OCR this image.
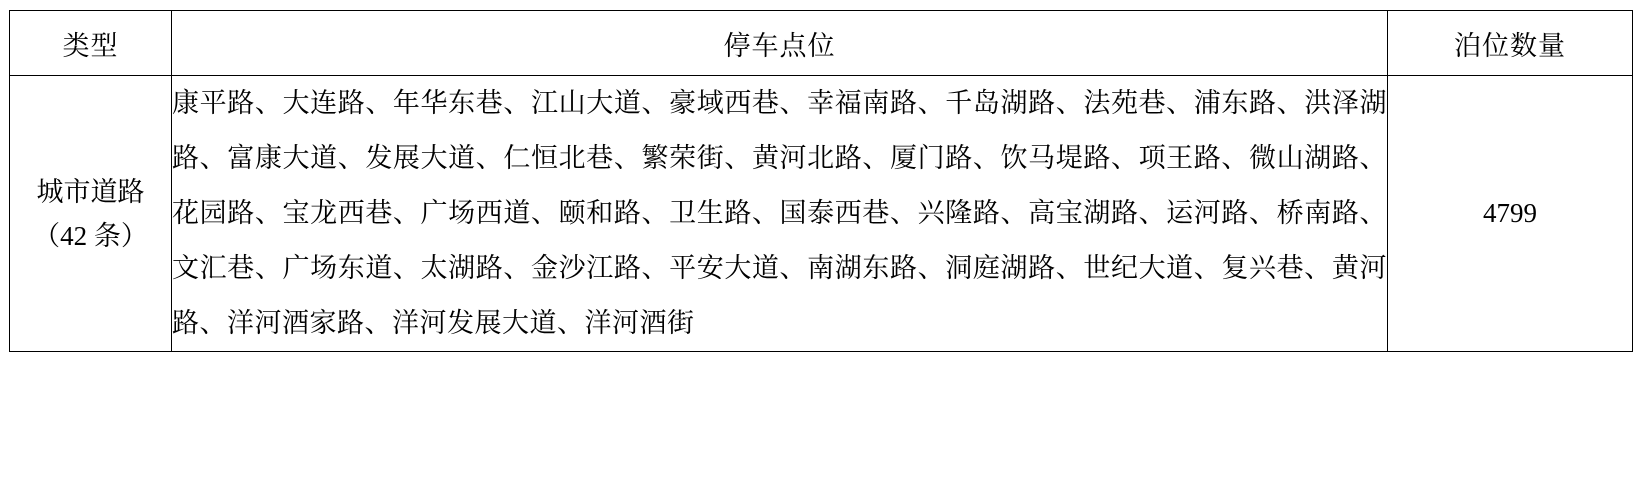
类型	停车点位	泊位数量

城市道路
（42 条）	康平路、大连路、年华东巷、江山大道、豪域西巷、幸福南路、千岛湖路、法苑巷、浦东路、洪泽湖路、富康大道、发展大道、仁恒北巷、繁荣街、黄河北路、厦门路、饮马堤路、项王路、微山湖路、花园路、宝龙西巷、广场西道、颐和路、卫生路、国泰西巷、兴隆路、高宝湖路、运河路、桥南路、文汇巷、广场东道、太湖路、金沙江路、平安大道、南湖东路、洞庭湖路、世纪大道、复兴巷、黄河路、洋河酒家路、洋河发展大道、洋河酒街	4799
